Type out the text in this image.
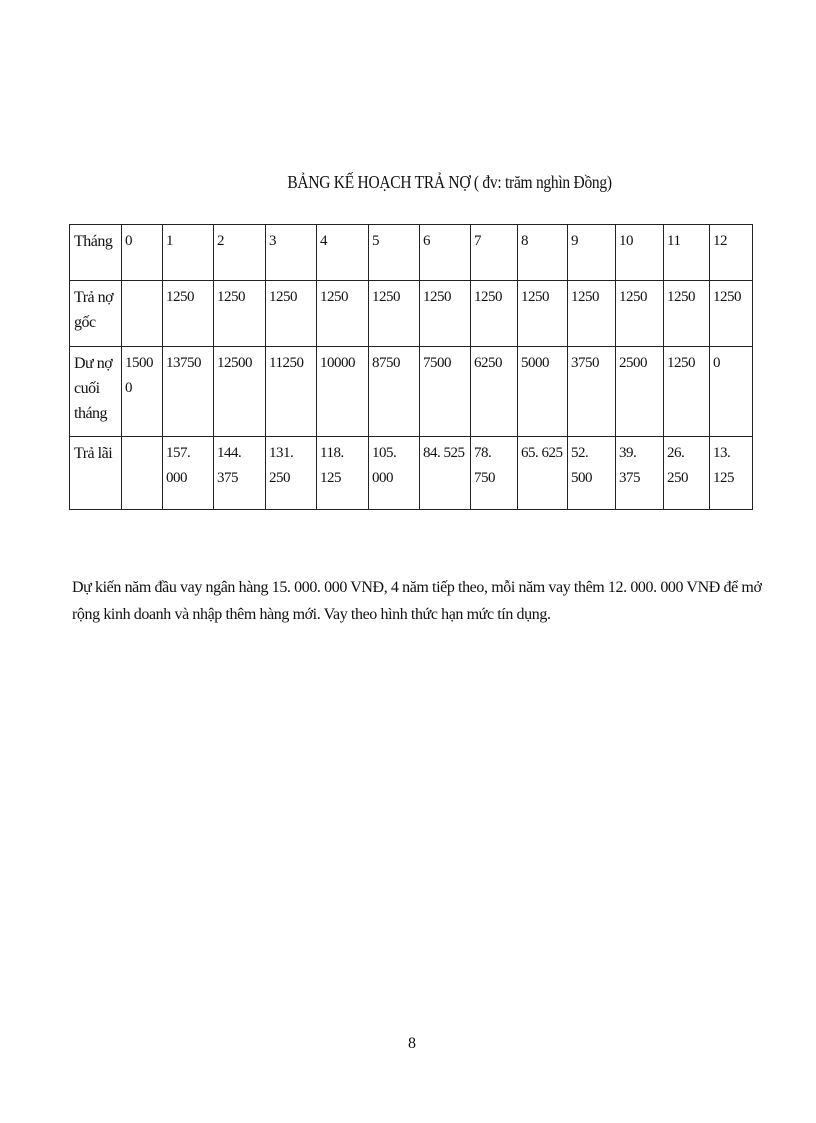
BẢNG KẾ HOẠCH TRẢ NỢ ( đv: trăm nghìn Đồng)
Tháng	0	1	2	3	4	5	6	7	8	9	10	11	12
Trả nợ gốc		1250	1250	1250	1250	1250	1250	1250	1250	1250	1250	1250	1250
Dư nợ cuối tháng	15000	13750	12500	11250	10000	8750	7500	6250	5000	3750	2500	1250	0
Trả lãi		157. 000	144. 375	131. 250	118. 125	105. 000	84. 525	78. 750	65. 625	52. 500	39. 375	26. 250	13. 125

Dự kiến năm đầu vay ngân hàng 15. 000. 000 VNĐ, 4 năm tiếp theo, mỗi năm vay thêm 12. 000. 000 VNĐ để mở rộng kinh doanh và nhập thêm hàng mới. Vay theo hình thức hạn mức tín dụng.

8
